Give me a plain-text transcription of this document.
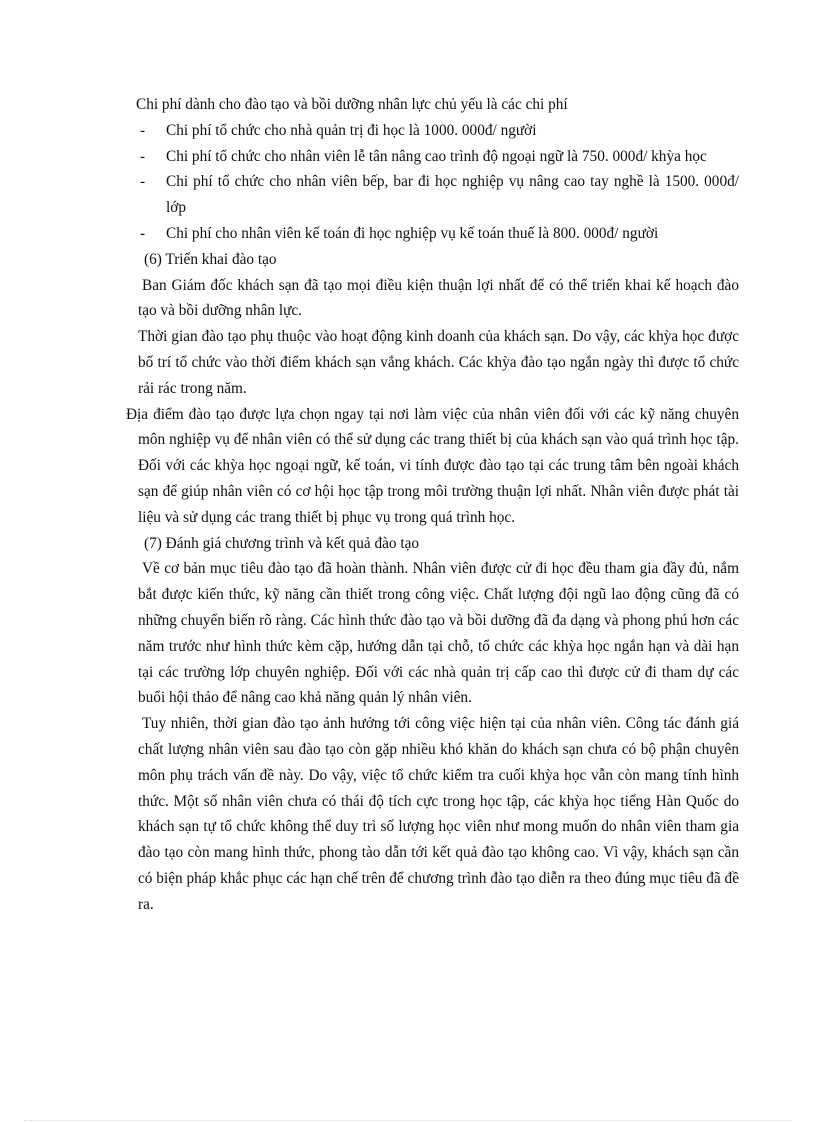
Chi phí dành cho đào tạo và bồi dưỡng nhân lực chủ yếu là các chi phí

- Chi phí tổ chức cho nhà quản trị đi học là 1000. 000đ/ người

- Chi phí tổ chức cho nhân viên lễ tân nâng cao trình độ ngoại ngữ là 750. 000đ/ khỳa học

- Chi phí tổ chức cho nhân viên bếp, bar đi học nghiệp vụ nâng cao tay nghề là 1500. 000đ/ lớp

- Chi phí cho nhân viên kế toán đi học nghiệp vụ kế toán thuế là 800. 000đ/ người

(6) Triển khai đào tạo

Ban Giám đốc khách sạn đã tạo mọi điều kiện thuận lợi nhất để có thể triển khai kế hoạch đào tạo và bồi dưỡng nhân lực.

Thời gian đào tạo phụ thuộc vào hoạt động kinh doanh của khách sạn. Do vậy, các khỳa học được bố trí tổ chức vào thời điểm khách sạn vắng khách. Các khỳa đào tạo ngắn ngày thì được tổ chức rải rác trong năm.

Địa điểm đào tạo được lựa chọn ngay tại nơi làm việc của nhân viên đối với các kỹ năng chuyên môn nghiệp vụ để nhân viên có thể sử dụng các trang thiết bị của khách sạn vào quá trình học tập. Đối với các khỳa học ngoại ngữ, kế toán, vi tính được đào tạo tại các trung tâm bên ngoài khách sạn để giúp nhân viên có cơ hội học tập trong môi trường thuận lợi nhất. Nhân viên được phát tài liệu và sử dụng các trang thiết bị phục vụ trong quá trình học.

(7) Đánh giá chương trình và kết quả đào tạo

Về cơ bản mục tiêu đào tạo đã hoàn thành. Nhân viên được cử đi học đều tham gia đầy đủ, nắm bắt được kiến thức, kỹ năng cần thiết trong công việc. Chất lượng đội ngũ lao động cũng đã có những chuyển biến rõ ràng. Các hình thức đào tạo và bồi dưỡng đã đa dạng và phong phú hơn các năm trước như hình thức kèm cặp, hướng dẫn tại chỗ, tổ chức các khỳa học ngắn hạn và dài hạn tại các trường lớp chuyên nghiệp. Đối với các nhà quản trị cấp cao thì được cử đi tham dự các buổi hội thảo để nâng cao khả năng quản lý nhân viên.

Tuy nhiên, thời gian đào tạo ảnh hưởng tới công việc hiện tại của nhân viên. Công tác đánh giá chất lượng nhân viên sau đào tạo còn gặp nhiều khó khăn do khách sạn chưa có bộ phận chuyên môn phụ trách vấn đề này. Do vậy, việc tổ chức kiểm tra cuối khỳa học vẫn còn mang tính hình thức. Một số nhân viên chưa có thái độ tích cực trong học tập, các khỳa học tiếng Hàn Quốc do khách sạn tự tổ chức không thể duy trì số lượng học viên như mong muốn do nhân viên tham gia đào tạo còn mang hình thức, phong tào dẫn tới kết quả đào tạo không cao. Vì vậy, khách sạn cần có biện pháp khắc phục các hạn chế trên để chương trình đào tạo diễn ra theo đúng mục tiêu đã đề ra.
